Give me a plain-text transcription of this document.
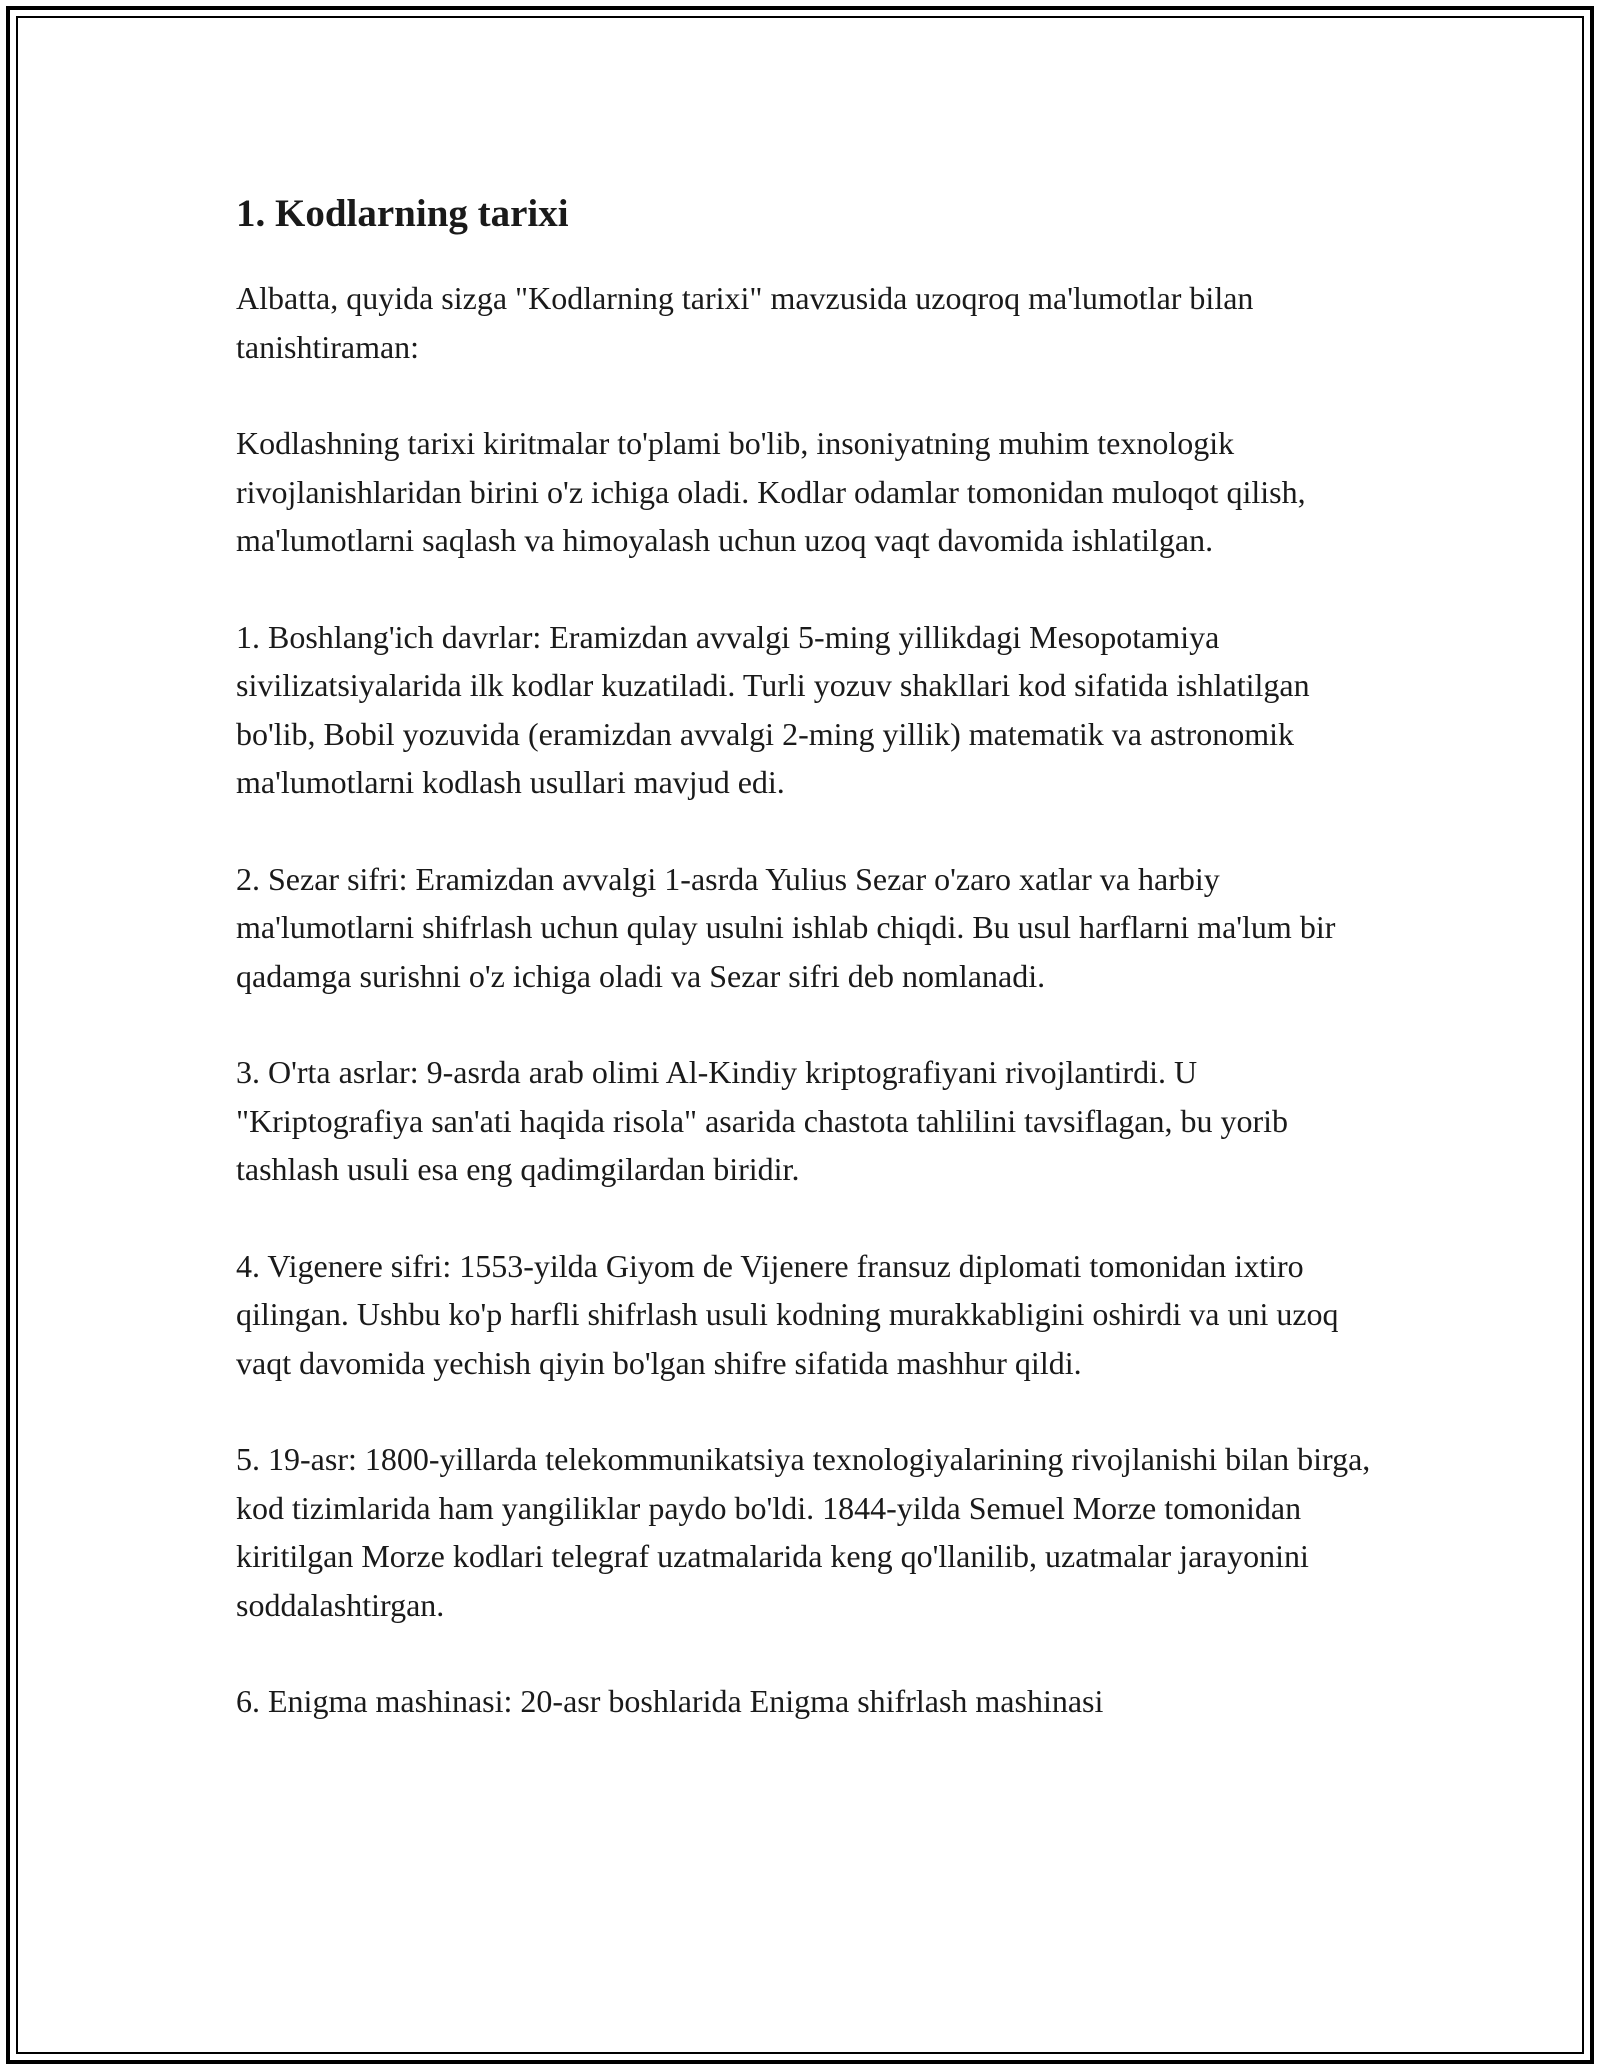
1. Kodlarning tarixi

Albatta, quyida sizga "Kodlarning tarixi" mavzusida uzoqroq ma'lumotlar bilan tanishtiraman:

Kodlashning tarixi kiritmalar to'plami bo'lib, insoniyatning muhim texnologik rivojlanishlaridan birini o'z ichiga oladi. Kodlar odamlar tomonidan muloqot qilish, ma'lumotlarni saqlash va himoyalash uchun uzoq vaqt davomida ishlatilgan.

1. Boshlang'ich davrlar: Eramizdan avvalgi 5-ming yillikdagi Mesopotamiya sivilizatsiyalarida ilk kodlar kuzatiladi. Turli yozuv shakllari kod sifatida ishlatilgan bo'lib, Bobil yozuvida (eramizdan avvalgi 2-ming yillik) matematik va astronomik ma'lumotlarni kodlash usullari mavjud edi.

2. Sezar sifri: Eramizdan avvalgi 1-asrda Yulius Sezar o'zaro xatlar va harbiy ma'lumotlarni shifrlash uchun qulay usulni ishlab chiqdi. Bu usul harflarni ma'lum bir qadamga surishni o'z ichiga oladi va Sezar sifri deb nomlanadi.

3. O'rta asrlar: 9-asrda arab olimi Al-Kindiy kriptografiyani rivojlantirdi. U "Kriptografiya san'ati haqida risola" asarida chastota tahlilini tavsiflagan, bu yorib tashlash usuli esa eng qadimgilardan biridir.

4. Vigenere sifri: 1553-yilda Giyom de Vijenere fransuz diplomati tomonidan ixtiro qilingan. Ushbu ko'p harfli shifrlash usuli kodning murakkabligini oshirdi va uni uzoq vaqt davomida yechish qiyin bo'lgan shifre sifatida mashhur qildi.

5. 19-asr: 1800-yillarda telekommunikatsiya texnologiyalarining rivojlanishi bilan birga, kod tizimlarida ham yangiliklar paydo bo'ldi. 1844-yilda Semuel Morze tomonidan kiritilgan Morze kodlari telegraf uzatmalarida keng qo'llanilib, uzatmalar jarayonini soddalashtirgan.

6. Enigma mashinasi: 20-asr boshlarida Enigma shifrlash mashinasi
